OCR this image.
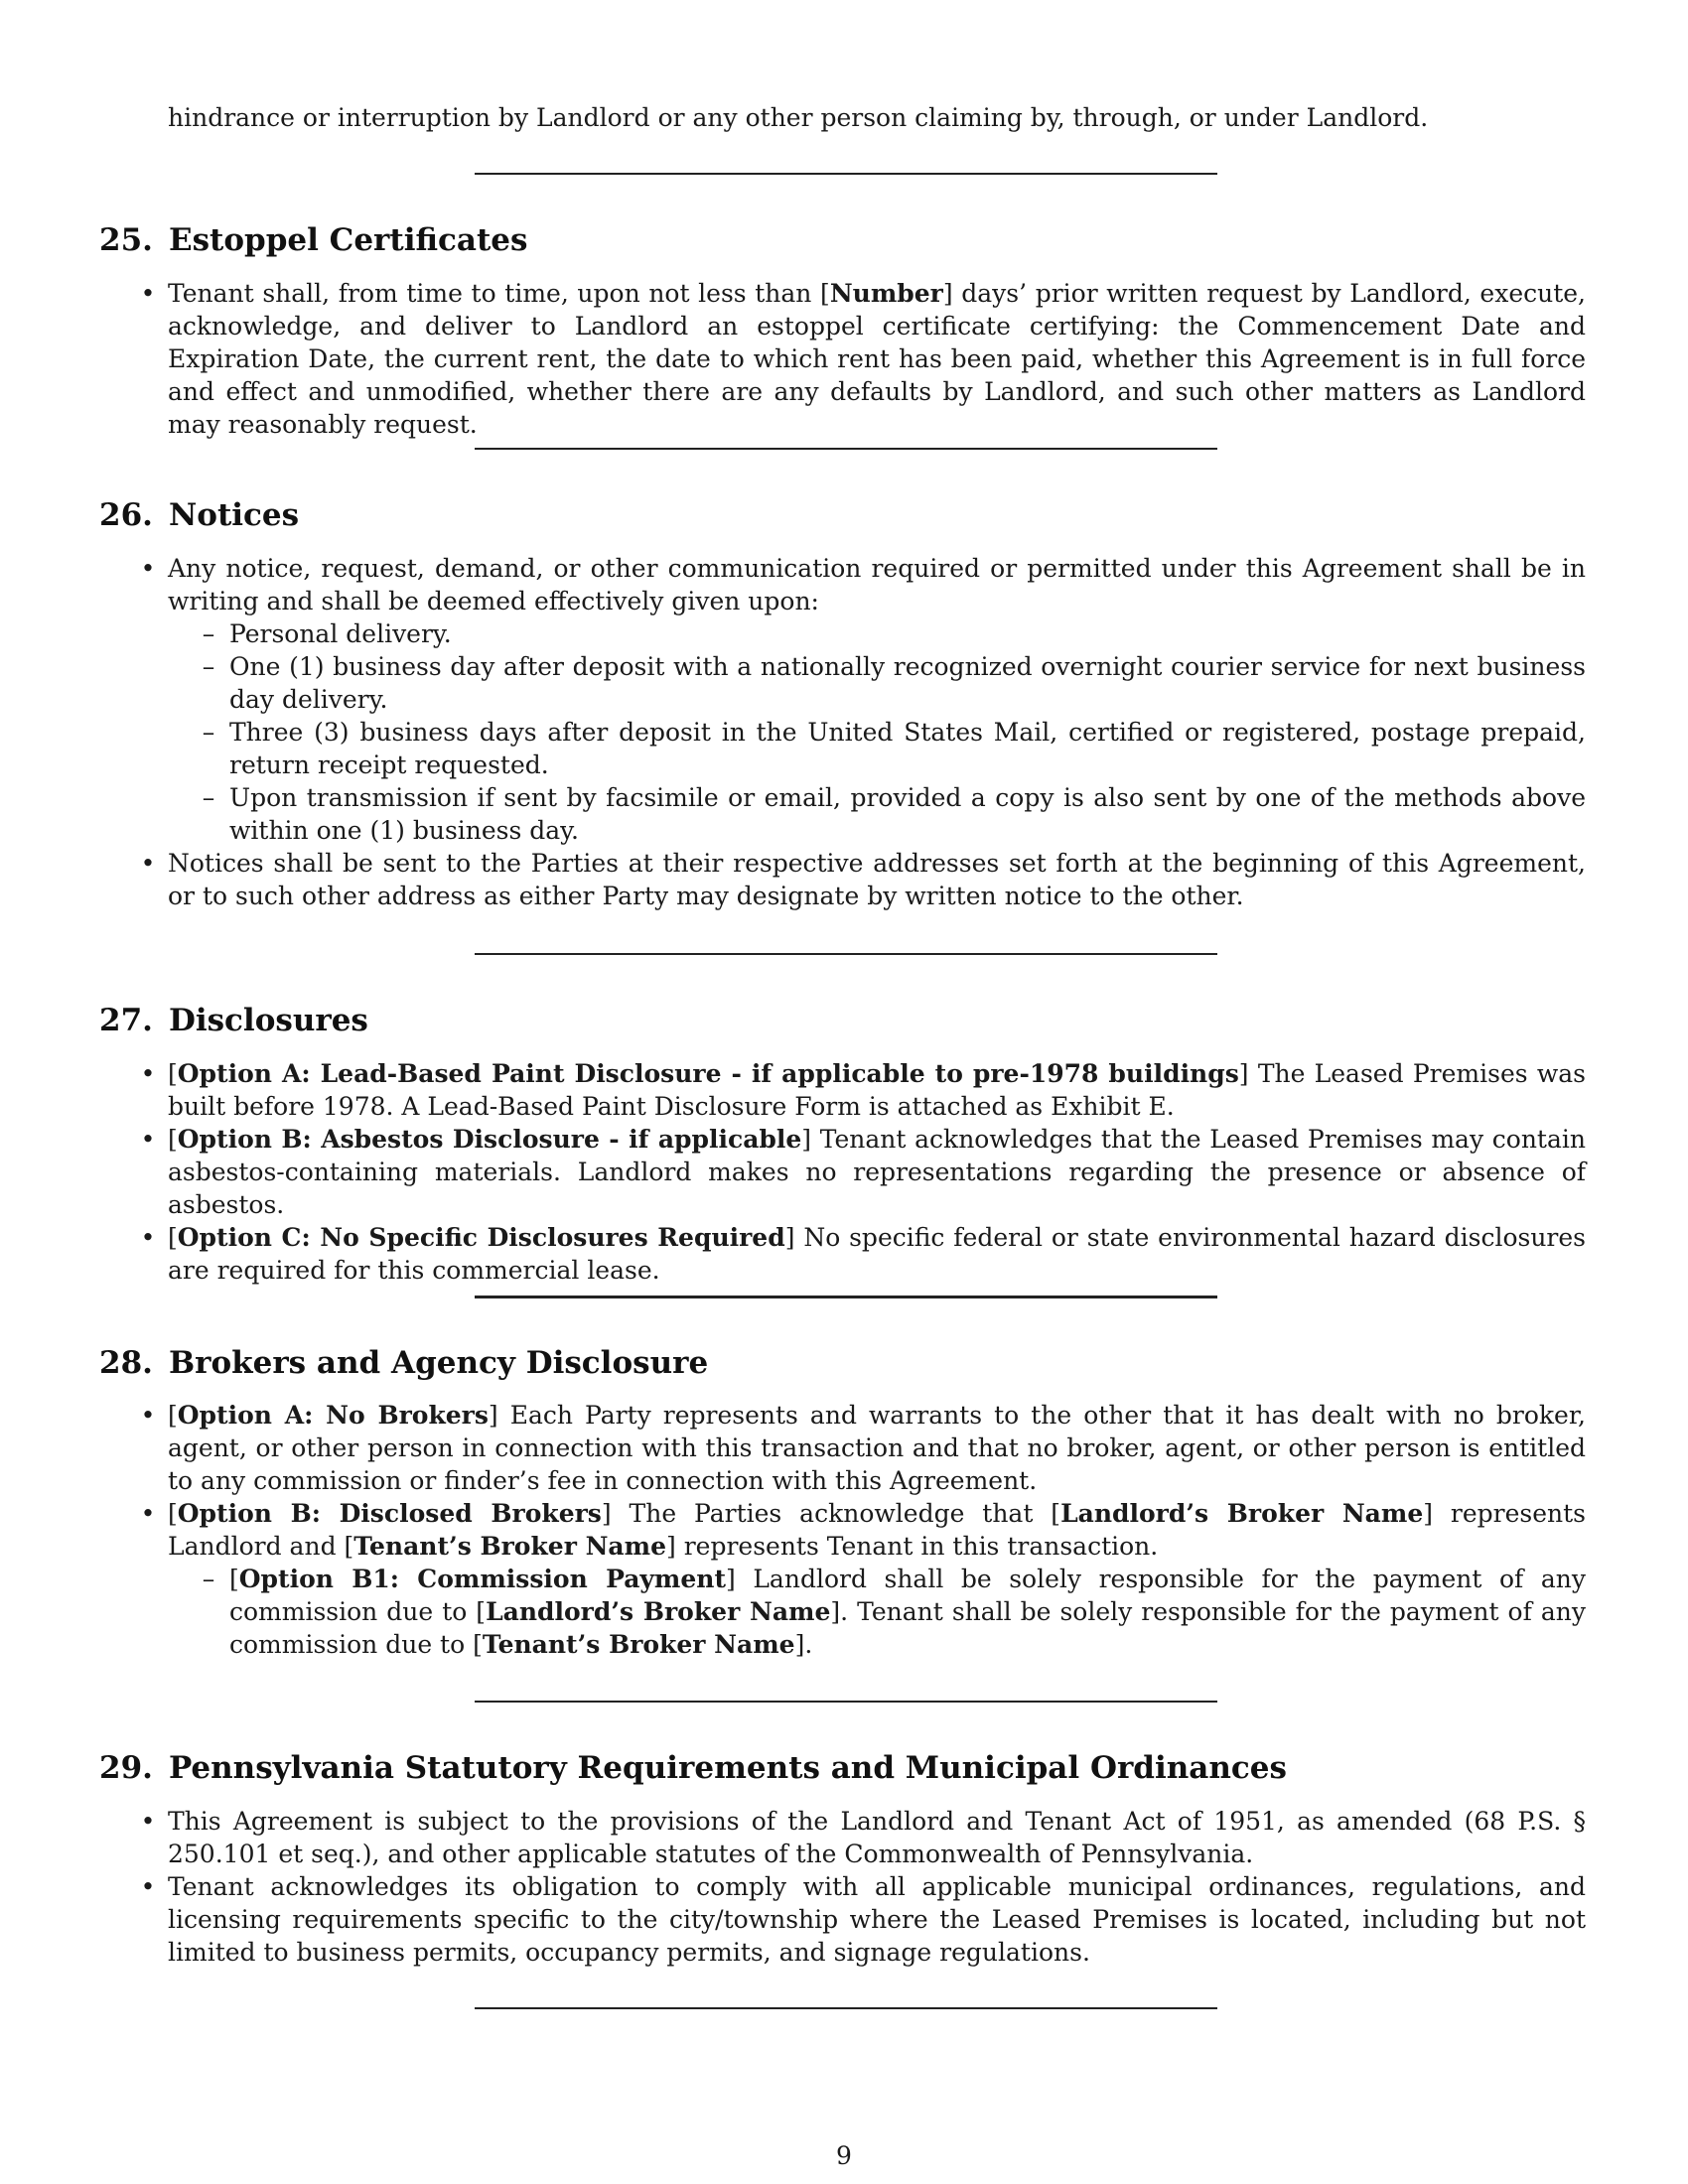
hindrance or interruption by Landlord or any other person claiming by, through, or under Landlord.
25. Estoppel Certificates
• Tenant shall, from time to time, upon not less than [Number] days’ prior written request by Landlord, execute, acknowledge, and deliver to Landlord an estoppel certificate certifying: the Commencement Date and Expiration Date, the current rent, the date to which rent has been paid, whether this Agreement is in full force and effect and unmodified, whether there are any defaults by Landlord, and such other matters as Landlord may reasonably request.
26. Notices
• Any notice, request, demand, or other communication required or permitted under this Agreement shall be in writing and shall be deemed effectively given upon:
– Personal delivery.
– One (1) business day after deposit with a nationally recognized overnight courier service for next business day delivery.
– Three (3) business days after deposit in the United States Mail, certified or registered, postage prepaid, return receipt requested.
– Upon transmission if sent by facsimile or email, provided a copy is also sent by one of the methods above within one (1) business day.
• Notices shall be sent to the Parties at their respective addresses set forth at the beginning of this Agreement, or to such other address as either Party may designate by written notice to the other.
27. Disclosures
• [Option A: Lead-Based Paint Disclosure - if applicable to pre-1978 buildings] The Leased Premises was built before 1978. A Lead-Based Paint Disclosure Form is attached as Exhibit E.
• [Option B: Asbestos Disclosure - if applicable] Tenant acknowledges that the Leased Premises may contain asbestos-containing materials. Landlord makes no representations regarding the presence or absence of asbestos.
• [Option C: No Specific Disclosures Required] No specific federal or state environmental hazard disclosures are required for this commercial lease.
28. Brokers and Agency Disclosure
• [Option A: No Brokers] Each Party represents and warrants to the other that it has dealt with no broker, agent, or other person in connection with this transaction and that no broker, agent, or other person is entitled to any commission or finder’s fee in connection with this Agreement.
• [Option B: Disclosed Brokers] The Parties acknowledge that [Landlord’s Broker Name] represents Landlord and [Tenant’s Broker Name] represents Tenant in this transaction.
– [Option B1: Commission Payment] Landlord shall be solely responsible for the payment of any commission due to [Landlord’s Broker Name]. Tenant shall be solely responsible for the payment of any commission due to [Tenant’s Broker Name].
29. Pennsylvania Statutory Requirements and Municipal Ordinances
• This Agreement is subject to the provisions of the Landlord and Tenant Act of 1951, as amended (68 P.S. § 250.101 et seq.), and other applicable statutes of the Commonwealth of Pennsylvania.
• Tenant acknowledges its obligation to comply with all applicable municipal ordinances, regulations, and licensing requirements specific to the city/township where the Leased Premises is located, including but not limited to business permits, occupancy permits, and signage regulations.
9
